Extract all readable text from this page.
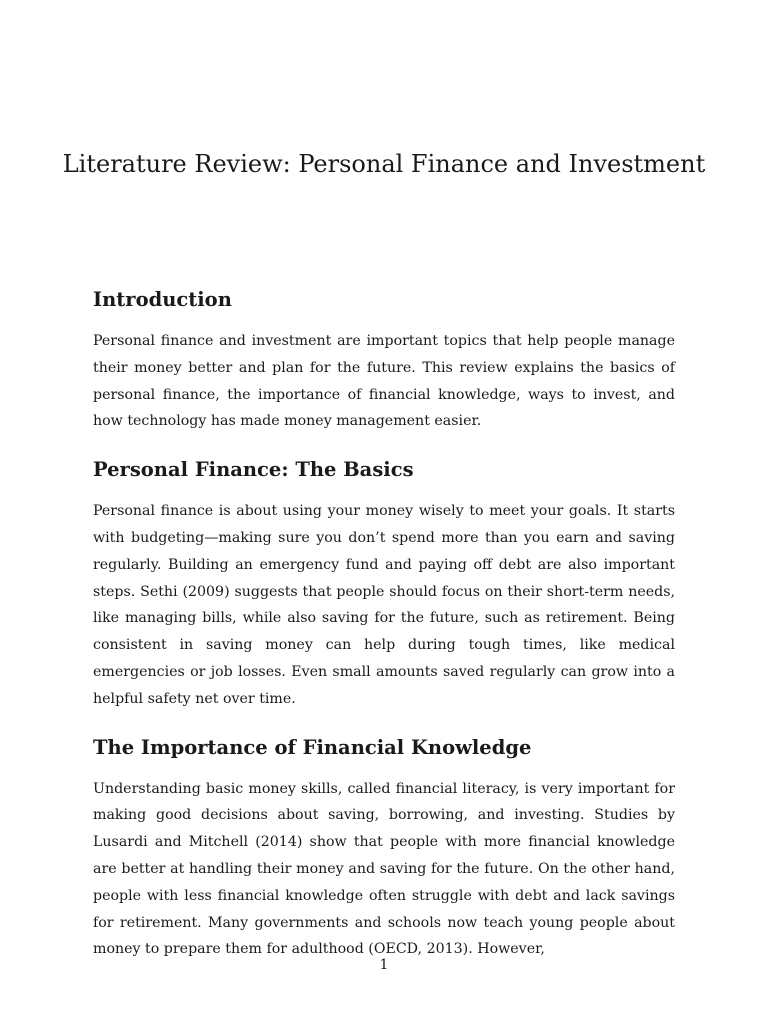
Literature Review: Personal Finance and Investment
Introduction

Personal finance and investment are important topics that help people manage their money better and plan for the future. This review explains the basics of personal finance, the importance of financial knowledge, ways to invest, and how technology has made money management easier.

Personal Finance: The Basics

Personal finance is about using your money wisely to meet your goals. It starts with budgeting—making sure you don’t spend more than you earn and saving regularly. Building an emergency fund and paying off debt are also important steps. Sethi (2009) suggests that people should focus on their short-term needs, like managing bills, while also saving for the future, such as retirement. Being consistent in saving money can help during tough times, like medical emergencies or job losses. Even small amounts saved regularly can grow into a helpful safety net over time.

The Importance of Financial Knowledge

Understanding basic money skills, called financial literacy, is very important for making good decisions about saving, borrowing, and investing. Studies by Lusardi and Mitchell (2014) show that people with more financial knowledge are better at handling their money and saving for the future. On the other hand, people with less financial knowledge often struggle with debt and lack savings for retirement. Many governments and schools now teach young people about money to prepare them for adulthood (OECD, 2013). However,

1
